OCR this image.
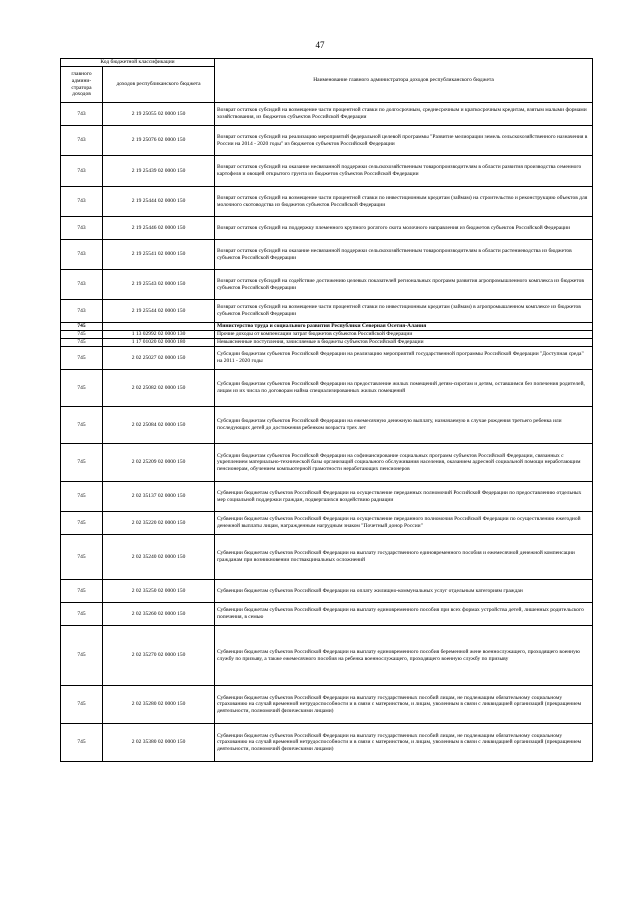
47
Код бюджетной классификации		Наименование главного администратора доходов республиканского бюджета
главного админи- стратора доходов	доходов республиканского бюджета	
743	2 19 25055 02 0000 150	Возврат остатков субсидий на возмещение части процентной ставки по долгосрочным, среднесрочным и краткосрочным кредитам, взятым малыми формами хозяйствования, из бюджетов субъектов Российской Федерации
743	2 19 25076 02 0000 150	Возврат остатков субсидий на реализацию мероприятий федеральной целевой программы "Развитие мелиорации земель сельскохозяйственного назначения в России на 2014 - 2020 годы" из бюджетов субъектов Российской Федерации
743	2 19 25439 02 0000 150	Возврат остатков субсидий на оказание несвязанной поддержки сельскохозяйственным товаропроизводителям в области развития производства семенного картофеля и овощей открытого грунта из бюджетов субъектов Российской Федерации
743	2 19 25444 02 0000 150	Возврат остатков субсидий на возмещение части процентной ставки по инвестиционным кредитам (займам) на строительство и реконструкцию объектов для молочного скотоводства из бюджетов субъектов Российской Федерации
743	2 19 25446 02 0000 150	Возврат остатков субсидий на поддержку племенного крупного рогатого скота молочного направления из бюджетов субъектов Российской Федерации
743	2 19 25541 02 0000 150	Возврат остатков субсидий на оказание несвязанной поддержки сельскохозяйственным товаропроизводителям в области растениеводства из бюджетов субъектов Российской Федерации
743	2 19 25543 02 0000 150	Возврат остатков субсидий на содействие достижению целевых показателей региональных программ развития агропромышленного комплекса из бюджетов субъектов Российской Федерации
743	2 19 25544 02 0000 150	Возврат остатков субсидий на возмещение части процентной ставки по инвестиционным кредитам (займам) в агропромышленном комплексе из бюджетов субъектов Российской Федерации
745		Министерство труда и социального развития Республики Северная Осетия-Алания
745	1 13 02992 02 0000 130	Прочие доходы от компенсации затрат бюджетов субъектов Российской Федерации
745	1 17 01020 02 0000 180	Невыясненные поступления, зачисляемые в бюджеты субъектов Российской Федерации
745	2 02 25027 02 0000 150	Субсидии бюджетам субъектов Российской Федерации на реализацию мероприятий государственной программы Российской Федерации "Доступная среда" на 2011 - 2020 годы
745	2 02 25082 02 0000 150	Субсидии бюджетам субъектов Российской Федерации на предоставление жилых помещений детям-сиротам и детям, оставшимся без попечения родителей, лицам из их числа по договорам найма специализированных жилых помещений
745	2 02 25084 02 0000 150	Субсидии бюджетам субъектов Российской Федерации на ежемесячную денежную выплату, назначаемую в случае рождения третьего ребенка или последующих детей до достижения ребенком возраста трех лет
745	2 02 25209 02 0000 150	Субсидии бюджетам субъектов Российской Федерации на софинансирование социальных программ субъектов Российской Федерации, связанных с укреплением материально-технической базы организаций социального обслуживания населения, оказанием адресной социальной помощи неработающим пенсионерам, обучением компьютерной грамотности неработающих пенсионеров
745	2 02 35137 02 0000 150	Субвенции бюджетам субъектов Российской Федерации на осуществление переданных полномочий Российской Федерации по предоставлению отдельных мер социальной поддержки граждан, подвергшихся воздействию радиации
745	2 02 35220 02 0000 150	Субвенции бюджетам субъектов Российской Федерации на осуществление переданного полномочия Российской Федерации по осуществлению ежегодной денежной выплаты лицам, награжденным нагрудным знаком "Почетный донор России"
745	2 02 35240 02 0000 150	Субвенции бюджетам субъектов Российской Федерации на выплату государственного единовременного пособия и ежемесячной денежной компенсации гражданам при возникновении поствакцинальных осложнений
745	2 02 35250 02 0000 150	Субвенции бюджетам субъектов Российской Федерации на оплату жилищно-коммунальных услуг отдельным категориям граждан
745	2 02 35260 02 0000 150	Субвенции бюджетам субъектов Российской Федерации на выплату единовременного пособия при всех формах устройства детей, лишенных родительского попечения, в семью
745	2 02 35270 02 0000 150	Субвенции бюджетам субъектов Российской Федерации на выплату единовременного пособия беременной жене военнослужащего, проходящего военную службу по призыву, а также ежемесячного пособия на ребенка военнослужащего, проходящего военную службу по призыву
745	2 02 35280 02 0000 150	Субвенции бюджетам субъектов Российской Федерации на выплату государственных пособий лицам, не подлежащим обязательному социальному страхованию на случай временной нетрудоспособности и в связи с материнством, и лицам, уволенным в связи с ликвидацией организаций (прекращением деятельности, полномочий физическими лицами)
745	2 02 35380 02 0000 150	Субвенции бюджетам субъектов Российской Федерации на выплату государственных пособий лицам, не подлежащим обязательному социальному страхованию на случай временной нетрудоспособности и в связи с материнством, и лицам, уволенным в связи с ликвидацией организаций (прекращением деятельности, полномочий физическими лицами)
